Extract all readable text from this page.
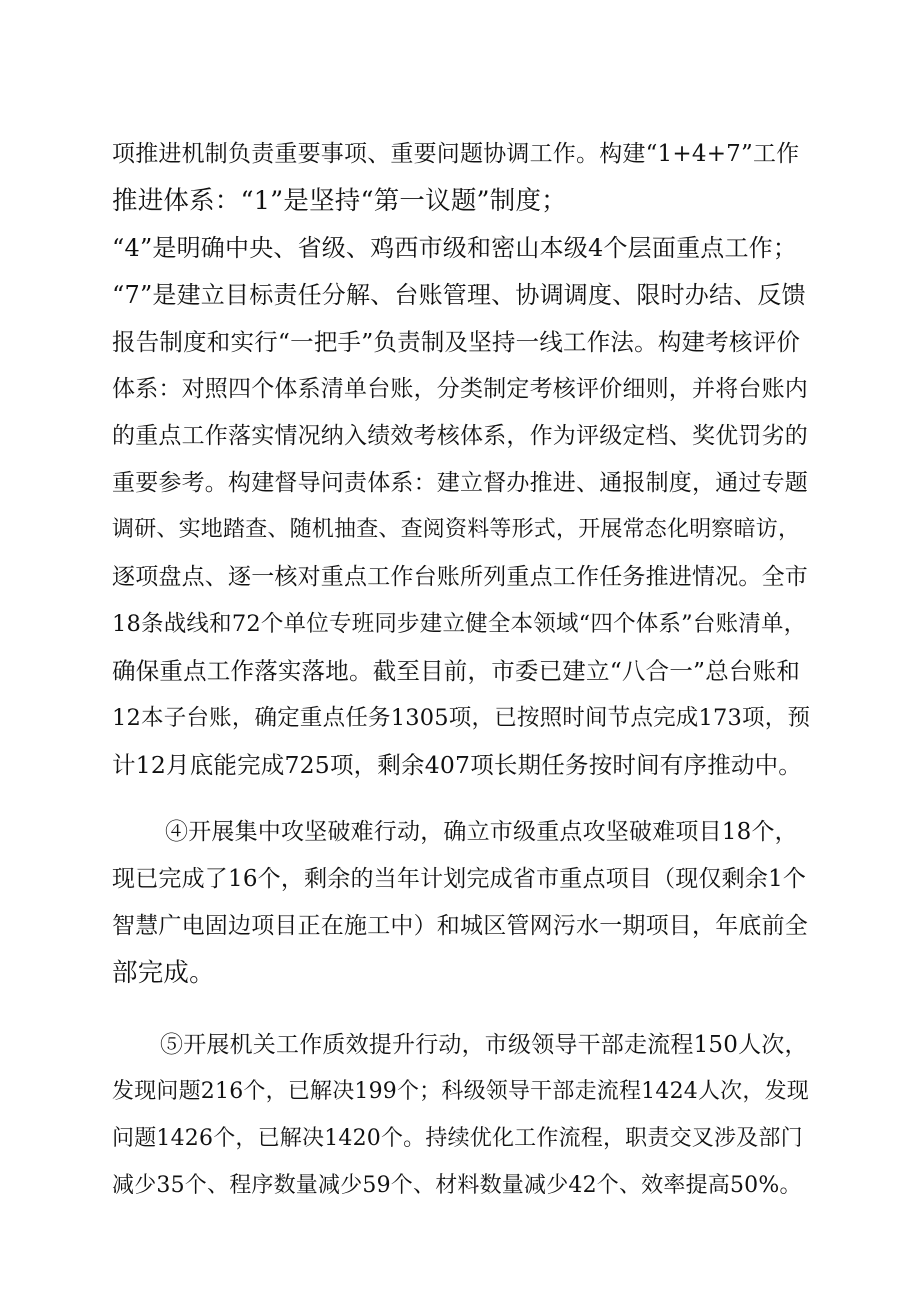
项推进机制负责重要事项、重要问题协调工作。构建“1+4+7”工作
推进体系：“1”是坚持“第一议题”制度；
“4”是明确中央、省级、鸡西市级和密山本级4个层面重点工作；
“7”是建立目标责任分解、台账管理、协调调度、限时办结、反馈
报告制度和实行“一把手”负责制及坚持一线工作法。构建考核评价
体系：对照四个体系清单台账，分类制定考核评价细则，并将台账内
的重点工作落实情况纳入绩效考核体系，作为评级定档、奖优罚劣的
重要参考。构建督导问责体系：建立督办推进、通报制度，通过专题
调研、实地踏查、随机抽查、查阅资料等形式，开展常态化明察暗访，
逐项盘点、逐一核对重点工作台账所列重点工作任务推进情况。全市
18条战线和72个单位专班同步建立健全本领域“四个体系”台账清单，
确保重点工作落实落地。截至目前，市委已建立“八合一”总台账和
12本子台账，确定重点任务1305项，已按照时间节点完成173项，预
计12月底能完成725项，剩余407项长期任务按时间有序推动中。
④开展集中攻坚破难行动，确立市级重点攻坚破难项目18个，
现已完成了16个，剩余的当年计划完成省市重点项目（现仅剩余1个
智慧广电固边项目正在施工中）和城区管网污水一期项目，年底前全
部完成。
⑤开展机关工作质效提升行动，市级领导干部走流程150人次，
发现问题216个，已解决199个；科级领导干部走流程1424人次，发现
问题1426个，已解决1420个。持续优化工作流程，职责交叉涉及部门
减少35个、程序数量减少59个、材料数量减少42个、效率提高50%。
